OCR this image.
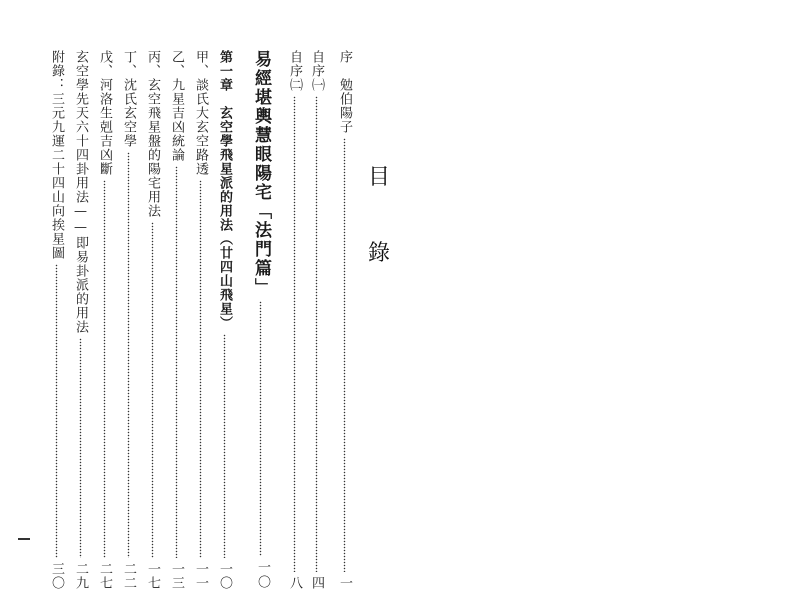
目
錄
序　勉伯陽子
一
自序㈠
四
自序㈡
八
易經堪輿慧眼陽宅「法門篇」
一〇
第一章　玄空學飛星派的用法（廿四山飛星）
一〇
甲、談氏大玄空路透
一一
乙、九星吉凶統論
一三
丙、玄空飛星盤的陽宅用法
一七
丁、沈氏玄空學
二二
戊、河洛生剋吉凶斷
二七
玄空學先天六十四卦用法——即易卦派的用法
二九
附錄：三元九運二十四山向挨星圖
三〇
